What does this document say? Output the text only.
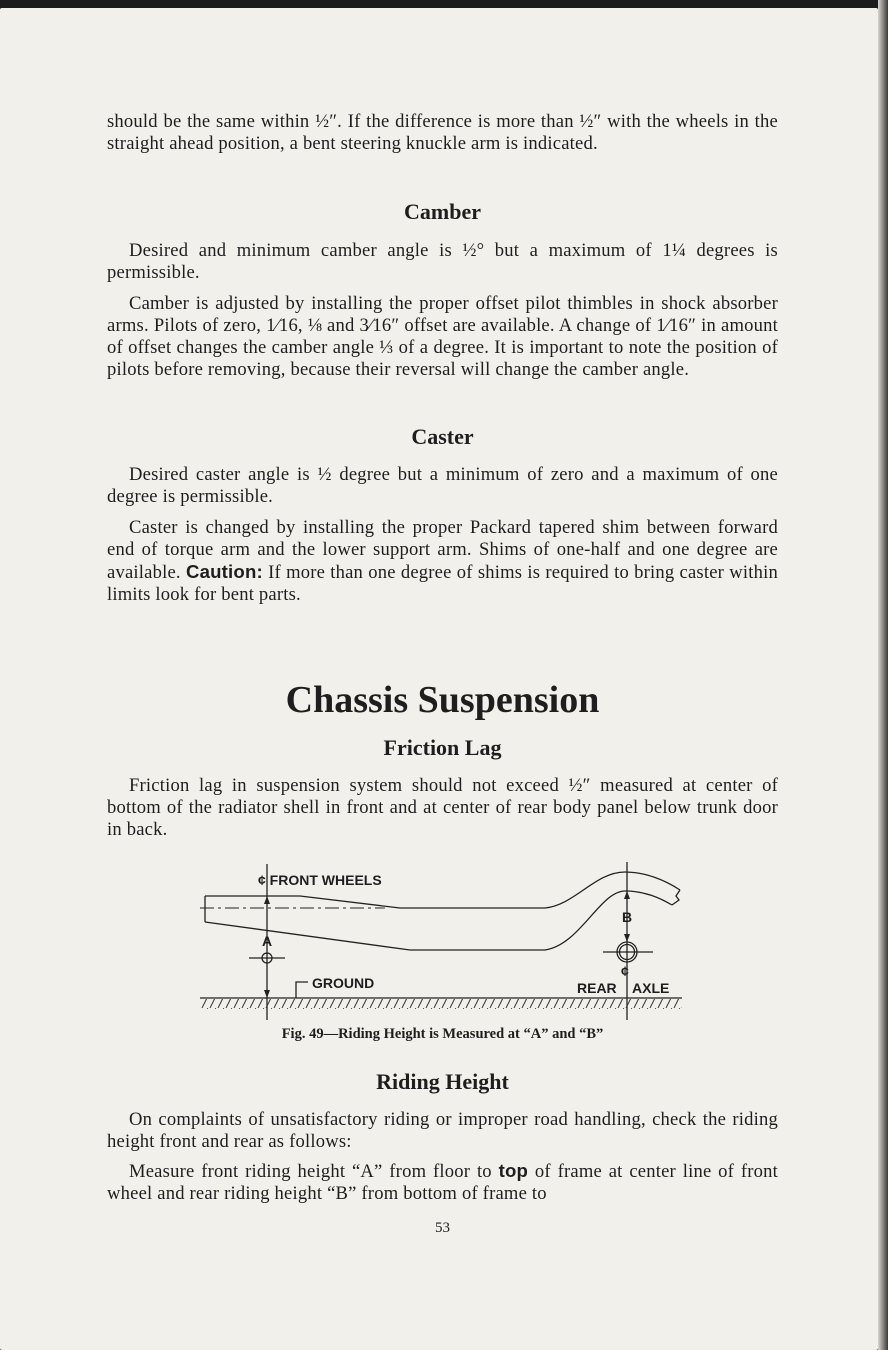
should be the same within ½″. If the difference is more than ½″ with the wheels in the straight ahead position, a bent steering knuckle arm is indicated.
Camber
Desired and minimum camber angle is ½° but a maximum of 1¼ degrees is permissible.
Camber is adjusted by installing the proper offset pilot thimbles in shock absorber arms. Pilots of zero, 1⁄16, ⅛ and 3⁄16″ offset are available. A change of 1⁄16″ in amount of offset changes the camber angle ⅓ of a degree. It is important to note the position of pilots before removing, because their reversal will change the camber angle.
Caster
Desired caster angle is ½ degree but a minimum of zero and a maximum of one degree is permissible.
Caster is changed by installing the proper Packard tapered shim between forward end of torque arm and the lower support arm. Shims of one-half and one degree are available. Caution: If more than one degree of shims is required to bring caster within limits look for bent parts.
Chassis Suspension
Friction Lag
Friction lag in suspension system should not exceed ½″ measured at center of bottom of the radiator shell in front and at center of rear body panel below trunk door in back.
¢ FRONT WHEELS
A
B
GROUND
¢
REAR AXLE
Fig. 49—Riding Height is Measured at “A” and “B”
Riding Height
On complaints of unsatisfactory riding or improper road handling, check the riding height front and rear as follows:
Measure front riding height “A” from floor to top of frame at center line of front wheel and rear riding height “B” from bottom of frame to
53
